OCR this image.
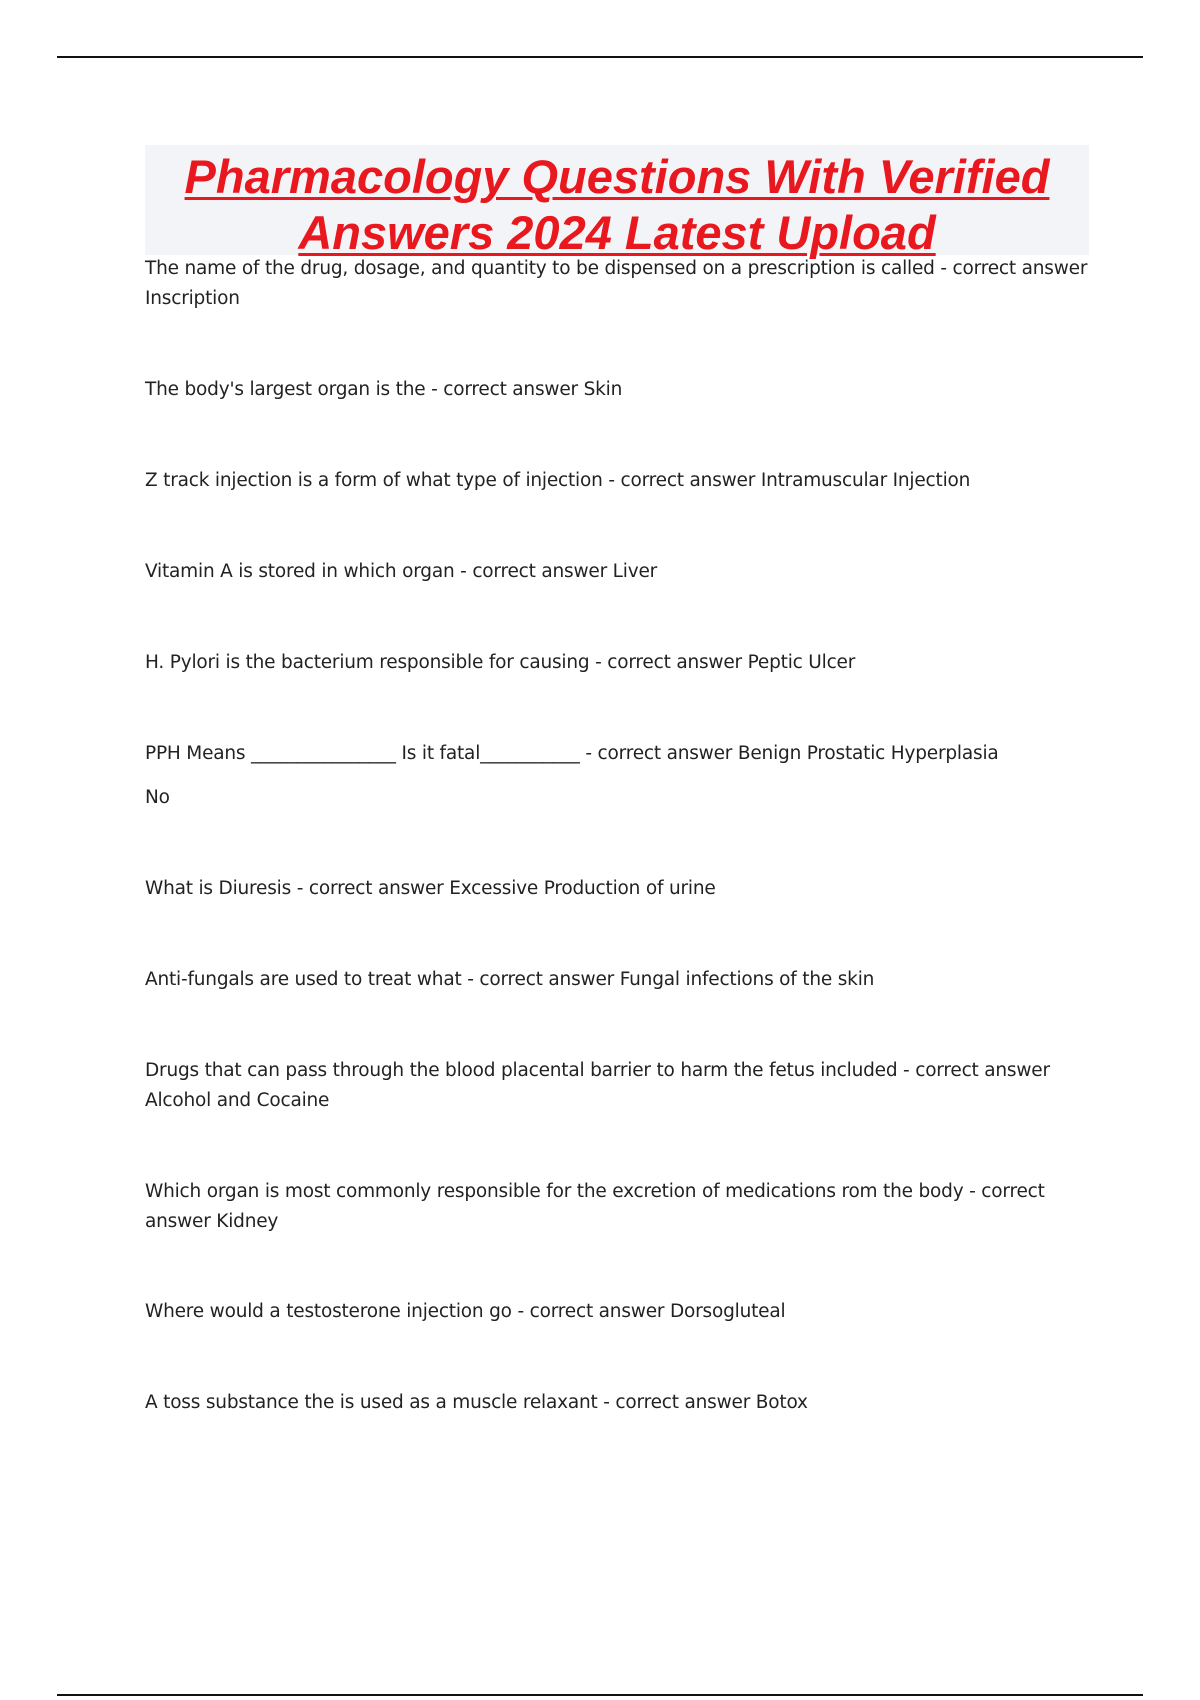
Pharmacology Questions With Verified
Answers 2024 Latest Upload
The name of the drug, dosage, and quantity to be dispensed on a prescription is called - correct answer
Inscription
The body's largest organ is the - correct answer Skin
Z track injection is a form of what type of injection - correct answer Intramuscular Injection
Vitamin A is stored in which organ - correct answer Liver
H. Pylori is the bacterium responsible for causing - correct answer Peptic Ulcer
PPH Means ________________ Is it fatal___________ - correct answer Benign Prostatic Hyperplasia
No
What is Diuresis - correct answer Excessive Production of urine
Anti-fungals are used to treat what - correct answer Fungal infections of the skin
Drugs that can pass through the blood placental barrier to harm the fetus included - correct answer
Alcohol and Cocaine
Which organ is most commonly responsible for the excretion of medications rom the body - correct
answer Kidney
Where would a testosterone injection go - correct answer Dorsogluteal
A toss substance the is used as a muscle relaxant - correct answer Botox
